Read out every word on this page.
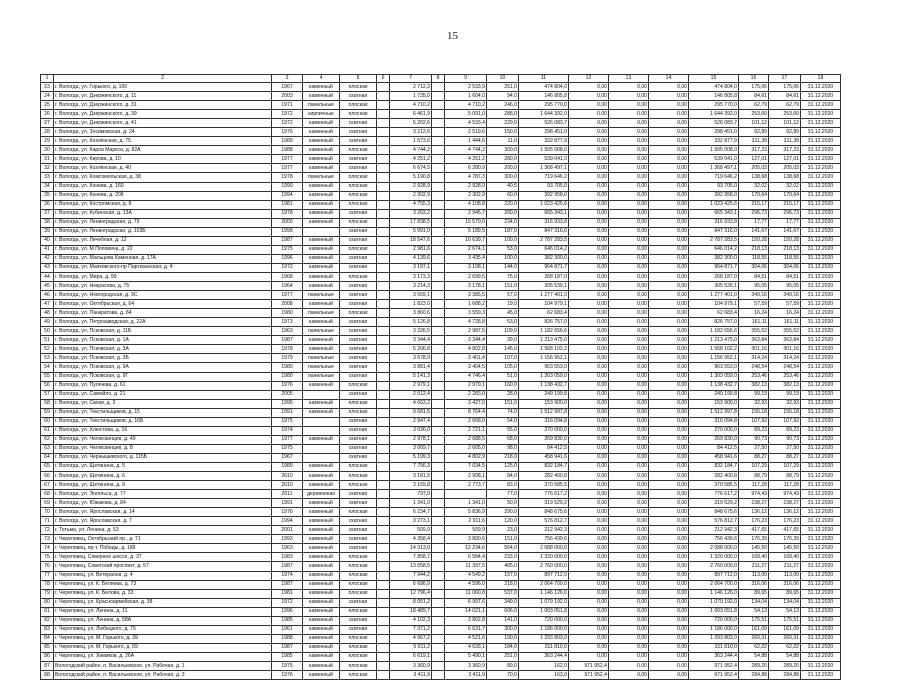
15
1	2	3	4	5	6	7	8	9	10	11	12	13	14	15	16	17	18
23	г. Вологда, ул. Горького, д. 100	1967	каменный	плоская		2 712,3		2 533,9	251,0	474 804,0	0,00	0,00	0,00	474 804,0	175,06	175,06	31.12.2020
24	г. Вологда, ул. Дзержинского, д. 11	2003	каменный	скатная		1 735,0		1 604,0	94,0	146 805,8	0,00	0,00	0,00	146 805,8	84,61	84,61	31.12.2020
25	г. Вологда, ул. Дзержинского, д. 31	1971	панельные	плоская		4 710,2		4 710,2	246,0	295 770,0	0,00	0,00	0,00	295 770,0	62,79	62,79	31.12.2020
26	г. Вологда, ул. Дзержинского, д. 39	1972	кирпичные	плоская		6 461,9		5 091,0	288,0	1 644 392,0	0,00	0,00	0,00	1 644 392,0	253,60	253,60	31.12.2020
27	г. Вологда, ул. Дзержинского, д. 41	1972	каменный	скатная		5 202,6		4 533,4	229,0	526 083,7	0,00	0,00	0,00	526 083,7	101,12	101,12	31.12.2020
28	г. Вологда, ул. Зосимовская, д. 24	1976	каменный	скатная		3 212,6		2 519,6	150,0	298 451,0	0,00	0,00	0,00	298 451,0	92,89	92,89	31.12.2020
29	г. Вологда, ул. Козлёнская, д. 75	1989	каменный	скатная		1 573,6		1 444,6	11,0	332 877,9	0,00	0,00	0,00	332 877,9	211,38	211,38	31.12.2020
30	г. Вологда, ул. Карла Маркса, д. 82А	1988	каменный	плоская		4 744,2		4 744,2	300,0	1 505 008,0	0,00	0,00	0,00	1 505 008,0	317,23	317,23	31.12.2020
31	г. Вологда, ул. Кирова, д. 10	1977	каменный	скатная		4 251,2		4 251,2	280,0	539 041,0	0,00	0,00	0,00	539 041,0	127,01	127,01	31.12.2020
32	г. Вологда, ул. Козлёнская, д. 40	1977	каменный	скатная		6 674,5		6 280,9	200,0	1 368 497,1	0,00	0,00	0,00	1 368 497,1	205,03	205,03	31.12.2020
33	г. Вологда, ул. Комсомольская, д. 38	1978	панельные	плоская		5 190,8		4 787,3	300,0	719 646,2	0,00	0,00	0,00	719 646,2	138,68	138,68	31.12.2020
34	г. Вологда, ул. Конева, д. 160	1999	каменный	плоская		2 928,9		2 928,9	40,5	93 705,0	0,00	0,00	0,00	93 705,0	32,02	32,02	31.12.2020
35	г. Вологда, ул. Конева, д. 206	1994	каменный	плоская		2 302,9		2 302,9	60,0	392 958,0	0,00	0,00	0,00	392 958,0	170,64	170,64	31.12.2020
36	г. Вологда, ул. Костромская, д. 8	1981	каменный	плоская		4 755,3		4 108,8	220,0	1 023 425,6	0,00	0,00	0,00	1 023 425,6	215,17	215,17	31.12.2020
37	г. Вологда, ул. Кубинская, д. 13А	1978	каменный	скатная		3 203,2		2 945,7	200,0	665 343,1	0,00	0,00	0,00	665 343,1	296,73	296,73	31.12.2020
38	г. Вологда, ул. Ленинградская, д. 79	2000	каменный	плоская		17 838,5		15 570,0	234,0	316 933,8	0,00	0,00	0,00	316 933,8	17,77	17,77	31.12.2020
39	г. Вологда, ул. Ленинградская, д. 103Б	1999		скатная		5 991,0		5 189,5	187,0	847 316,0	0,00	0,00	0,00	847 316,0	141,67	141,67	31.12.2020
40	г. Вологда, ул. Лечебная, д. 12	1987	каменный	скатная		18 547,6		16 639,7	100,0	2 787 283,5	0,00	0,00	0,00	2 787 283,5	150,28	150,28	31.12.2020
41	г. Вологда, ул. М.Поповича, д. 22	1975	каменный	плоская		2 981,6		2 674,1	53,0	646 014,2	0,00	0,00	0,00	646 014,2	218,13	218,13	31.12.2020
42	г. Вологда, ул. Мальцева Каменная, д. 17А	1996	каменный	скатная		4 139,6		3 435,4	100,0	382 300,0	0,00	0,00	0,00	382 300,0	118,55	118,55	31.12.2020
43	г. Вологда, ул. Маяковского-пр Партизанская, д. 4	1972	каменный	скатная		3 197,1		3 108,1	144,0	964 871,7	0,00	0,00	0,00	964 871,7	304,06	304,06	31.12.2020
44	г. Вологда, ул. Мира, д. 99	1968	каменный	плоская		3 173,3		2 699,5	75,0	268 187,0	0,00	0,00	0,00	268 187,0	84,51	84,51	31.12.2020
45	г. Вологда, ул. Некрасова, д. 75	1964	каменный	скатная		3 214,3		3 178,1	151,0	305 539,1	0,00	0,00	0,00	305 539,1	95,05	95,05	31.12.2020
46	г. Вологда, ул. Новгородская, д. 9С	1977	панельные	скатная		3 659,1		3 385,5	57,0	1 277 401,0	0,00	0,00	0,00	1 277 401,0	349,16	349,16	31.12.2020
47	г. Вологда, ул. Октябрьская, д. 64	2008	каменный	скатная		1 823,0		1 688,2	19,0	104 979,1	0,00	0,00	0,00	104 979,1	57,59	57,59	31.12.2020
48	г. Вологда, ул. Панкратова, д. 84	1980	панельные	плоская		3 860,6		3 559,3	45,0	62 683,4	0,00	0,00	0,00	62 683,4	16,24	16,24	31.12.2020
49	г. Вологда, ул. Петрозаводская, д. 22А	1973	каменный	скатная		5 126,8		4 728,8	53,0	826 757,0	0,00	0,00	0,00	826 757,0	161,11	161,11	31.12.2020
50	г. Вологда, ул. Псковская, д. 11Б	1963	панельные	скатная		3 326,5		2 987,5	109,0	1 182 656,6	0,00	0,00	0,00	1 182 656,6	355,52	355,52	31.12.2020
51	г. Вологда, ул. Псковская, д. 1А	1987	каменный	скатная		3 344,4		3 344,4	39,0	1 213 475,0	0,00	0,00	0,00	1 213 475,0	362,84	362,84	31.12.2020
52	г. Вологда, ул. Псковская, д. 3А	1978	каменный	скатная		5 206,8		4 802,8	145,0	1 568 102,2	0,00	0,00	0,00	1 568 102,2	301,16	301,16	31.12.2020
53	г. Вологда, ул. Псковская, д. 3Б	1979	панельные	скатная		3 678,9		3 401,4	107,0	1 156 952,1	0,00	0,00	0,00	1 156 952,1	314,24	314,24	31.12.2020
54	г. Вологда, ул. Псковская, д. 9А	1980	панельные	скатная		3 881,4		3 404,5	105,0	963 553,0	0,00	0,00	0,00	963 553,0	248,54	248,54	31.12.2020
55	г. Вологда, ул. Псковская, д. 9Г	1980	панельные	скатная		5 141,3		4 746,4	51,0	1 303 059,0	0,00	0,00	0,00	1 303 059,0	253,46	253,46	31.12.2020
56	г. Вологда, ул. Пугачева, д. 61	1976	каменный	плоская		2 979,1		2 979,1	160,0	1 138 432,7	0,00	0,00	0,00	1 138 432,7	382,13	382,13	31.12.2020
57	г. Вологда, ул. Самойло, д. 21	2005		скатная		2 512,4		2 283,0	28,0	249 199,8	0,00	0,00	0,00	249 199,8	99,19	99,19	31.12.2020
58	г. Вологда, ул. Связи, д. 3	1995	каменный	плоская		4 663,2		3 427,0	151,0	153 900,0	0,00	0,00	0,00	153 900,0	32,93	32,93	31.12.2020
59	г. Вологда, ул. Текстильщиков, д. 15	1991	каменный	плоская		9 681,5		8 764,4	74,0	1 512 997,8	0,00	0,00	0,00	1 512 997,8	156,18	156,18	31.12.2020
60	г. Вологда, ул. Текстильщиков, д. 16Б	1975		скатная		2 947,4		2 668,0	54,0	316 094,8	0,00	0,00	0,00	316 094,8	107,92	107,92	31.12.2020
61	г. Вологда, ул. Хлюстова, д. 16	1974		скатная		3 036,0		2 721,1	55,0	270 000,0	0,00	0,00	0,00	270 000,0	89,23	89,23	31.12.2020
62	г. Вологда, ул. Челюскинцев, д. 49	1977	каменный	скатная		2 978,1		2 688,5	68,0	269 830,0	0,00	0,00	0,00	269 830,0	90,73	90,73	31.12.2020
63	г. Вологда, ул. Челюскинцев, д. 8	1975		скатная		3 069,7		2 605,0	98,0	84 412,5	0,00	0,00	0,00	84 412,5	27,50	27,50	31.12.2020
64	г. Вологда, ул. Чернышевского, д. 115Б	1967		скатная		5 199,3		4 802,9	218,0	458 941,6	0,00	0,00	0,00	458 941,6	88,27	88,27	31.12.2020
65	г. Вологда, ул. Щетинина, д. 5	1989	каменный	плоская		7 756,3		7 034,5	125,0	832 184,7	0,00	0,00	0,00	832 184,7	107,29	107,29	31.12.2020
66	г. Вологда, ул. Щетинина, д. 6	2010	каменный	плоская		3 181,5		2 908,1	84,0	282 400,8	0,00	0,00	0,00	282 400,8	88,79	88,79	31.12.2020
67	г. Вологда, ул. Щетинина, д. 8	2010	каменный	плоская		3 159,8		2 773,7	83,0	370 585,5	0,00	0,00	0,00	370 585,5	117,28	117,28	31.12.2020
68	г. Вологда, ул. Энгельса, д. 77	2011	деревянная	скатная		797,0			77,0	776 617,2	0,00	0,00	0,00	776 617,2	974,43	974,43	31.12.2020
69	г. Вологда, ул. Южакова, д. 84	1991	каменный	скатная		1 341,0		1 341,0	50,0	319 529,2	0,00	0,00	0,00	319 529,2	238,27	238,27	31.12.2020
70	г. Вологда, ул. Ярославская, д. 14	1976	каменный	плоская		6 234,7		5 836,9	290,0	848 675,6	0,00	0,00	0,00	848 675,6	136,12	136,12	31.12.2020
71	г. Вологда, ул. Ярославская, д. 7	1994	каменный	скатная		3 273,1		2 911,6	120,0	576 812,7	0,00	0,00	0,00	576 812,7	176,23	176,23	31.12.2020
72	г. Тотьма, ул. Ленина, д. 53	2001	каменный	скатная		509,9		509,9	23,0	212 942,3	0,00	0,00	0,00	212 942,3	417,65	417,65	31.12.2020
73	г. Череповец, Октябрьский пр., д. 71	1993	каменный	скатная		4 358,4		3 800,6	151,0	756 439,6	0,00	0,00	0,00	756 439,6	176,39	176,39	31.12.2020
74	г. Череповец, пр-т. Победы, д. 189	1963	каменный	скатная		14 313,0		12 234,6	564,0	2 088 000,0	0,00	0,00	0,00	2 088 000,0	145,50	145,50	31.12.2020
75	г. Череповец, Северное шоссе, д. 37	1983	каменный	плоская		7 858,7		6 584,4	233,0	1 320 000,0	0,00	0,00	0,00	1 320 000,0	168,40	168,40	31.12.2020
76	г. Череповец, Советский проспект, д. 57	1987	каменный	плоская		13 058,5		11 397,5	405,0	2 760 000,0	0,00	0,00	0,00	2 760 000,0	211,27	211,27	31.12.2020
77	г. Череповец, ул. Ветеранов, д. 4	1974	каменный	плоская		7 944,2		4 549,2	157,0	897 712,0	0,00	0,00	0,00	897 712,0	113,00	113,00	31.12.2020
78	г. Череповец, ул. К. Беляева, д. 73	1987	каменный	плоская		6 686,9		4 596,0	218,0	2 064 700,0	0,00	0,00	0,00	2 064 700,0	316,06	316,06	31.12.2020
79	г. Череповец, ул. К. Белова, д. 33	1981	каменный	плоская		12 796,4		11 060,8	537,0	1 146 126,0	0,00	0,00	0,00	1 146 126,0	89,65	89,65	31.12.2020
80	г. Череповец, ул. Красноармейская, д. 38	1972	каменный	скатная		8 051,2		6 997,6	349,0	1 079 192,0	0,00	0,00	0,00	1 079 192,0	134,04	134,04	31.12.2020
81	г. Череповец, ул. Ленина, д. 11	1996	каменный	плоская		18 489,7		14 021,1	606,0	1 003 051,8	0,00	0,00	0,00	1 003 051,8	54,13	54,13	31.12.2020
82	г. Череповец, ул. Ленина, д. 58А	1985	каменный	скатная		4 102,3		3 802,8	141,0	720 000,0	0,00	0,00	0,00	720 000,0	175,51	175,51	31.12.2020
83	г. Череповец, ул. Любецкого, д. 75	1961	каменный	скатная		7 371,2		6 631,7	300,0	1 186 000,0	0,00	0,00	0,00	1 186 000,0	161,09	161,09	31.12.2020
84	г. Череповец, ул. М. Горького, д. 39	1988	каменный	плоская		4 967,2		4 521,6	190,0	1 293 803,0	0,00	0,00	0,00	1 293 803,0	260,31	260,31	31.12.2020
85	г. Череповец, ул. М. Горького, д. 69	1987	каменный	плоская		5 011,2		4 633,1	184,0	311 810,0	0,00	0,00	0,00	311 810,0	62,22	62,22	31.12.2020
86	г. Череповец, ул. Химиков, д. 26А	1985	каменный	плоская		6 619,1		5 490,1	251,0	363 244,4	0,00	0,00	0,00	363 244,4	54,88	54,88	31.12.2020
87	Вологодский район, п. Васильевское, ул. Рабочая, д. 1	1975	каменный	плоская		3 360,9		3 360,9	89,0	162,0	971 952,4	0,00	0,00	971 952,4	289,20	289,20	31.12.2020
88	Вологодский район, п. Васильевское, ул. Рабочая, д. 3	1976	каменный	плоская		3 411,9		3 411,9	70,0	163,0	971 952,4	0,00	0,00	971 952,4	284,88	284,88	31.12.2020
